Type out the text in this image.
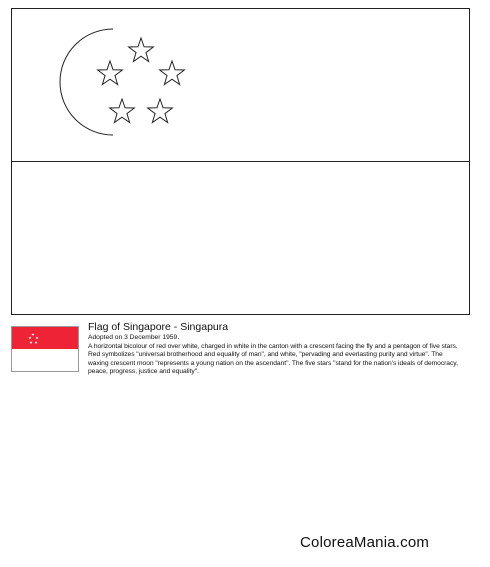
Flag of Singapore - Singapura

Adopted on 3 December 1959.

A horizontal bicolour of red over white, charged in white in the canton with a crescent facing the fly and a pentagon of five stars. Red symbolizes "universal brotherhood and equality of man", and white, "pervading and everlasting purity and virtue". The waxing crescent moon "represents a young nation on the ascendant". The five stars "stand for the nation's ideals of democracy, peace, progress, justice and equality".

ColoreaMania.com
